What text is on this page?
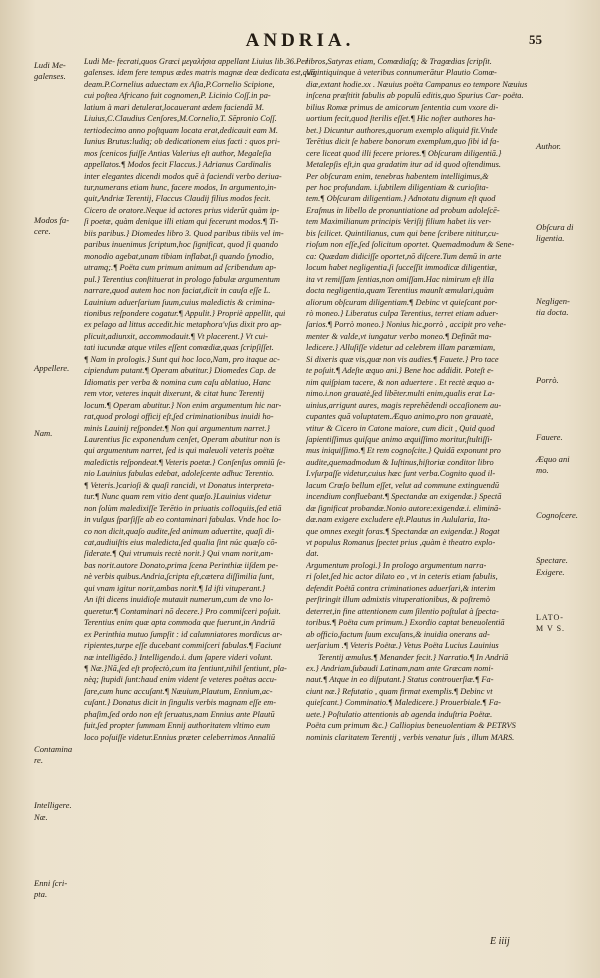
ANDRIA.	55

Ludi Me- fecrati,quos Græci μεγαλήσια appellant Liuius lib.36.Per

galenses. idem fere tempus ædes matris magnæ deæ dedicata est,quā

deam.P.Cornelius aduectam ex Aſia,P.Cornelio Scipione,

cui poſtea Africano fuit cognomen,P. Licinio Coſſ.in pa-

latium à mari detulerat,locauerant ædem faciendā M.

Liuius,C.Claudius Cenſores,M.Cornelio,T. Sēpronio Coſſ.

tertiodecimo anno poſtquam locata erat,dedicauit eam M.

Iunius Brutus:ludiq; ob dedicationem eius facti : quos pri-

mos ſcenicos fuiſſe Antias Valerius eſt author, Megaleſia

appellatos.¶ Modos fecit Flaccus.} Adrianus Cardinalis

inter elegantes dicendi modos quē à faciendi verbo deriua-

tur,numerans etiam hunc, facere modos, In argumento,in-

quit,Andriæ Terentij, Flaccus Claudij filius modos fecit.

Cicero de oratore.Neque id actores prius viderūt quàm ip-

ſi poetæ, quàm denique illi etiam qui fecerunt modos.¶ Ti-

biis paribus.} Diomedes libro 3. Quod paribus tibiis vel im-

paribus inuenimus ſcriptum,hoc ſignificat, quod ſi quando

monodio agebat,unam tibiam inflabat,ſi quando ſynodio,

utramq;.¶ Poëta cum primum animum ad ſcribendum ap-

pul.} Terentius conſtituerat in prologo fabulæ argumentum

narrare,quod autem hoc non faciat,dicit in cauſa eſſe L.

Lauinium aduerſarium ſuum,cuius maledictis & crimina-

tionibus reſpondere cogatur.¶ Appulit.} Propriè appellit, qui

ex pelago ad littus accedit.hic metaphora'vſus dixit pro ap-

plicuit,adiunxit, accommodauit.¶ Vt placerent.} Vt cui-

tati iucundæ atque vtiles eſſent comœdiæ,quas ſcripſiſſet.

¶ Nam in prologis.} Sunt qui hoc loco,Nam, pro itaque ac-

cipiendum putant.¶ Operam abutitur.} Diomedes Cap. de

Idiomatis per verba & nomina cum caſu ablatiuo, Hanc

rem vtor, veteres inquit dixerunt, & citat hunc Terentij

locum.¶ Operam abutitur.} Non enim argumentum hic nar-

rat,quod prologi officij eſt,ſed criminationibus inuidi ho-

minis Lauinij reſpondet.¶ Non qui argumentum narret.}

Laurentius ſic exponendum cenſet, Operam abutitur non is

qui argumentum narret, ſed is qui maleuoli veteris poëtæ

maledictis reſpondeat.¶ Veteris poetæ.} Conſenſus omniū ſe-

nio Lauinius fabulas edebat, adoleſcente adhuc Terentio.

¶ Veteris.}carioſi & quaſi rancidi, vt Donatus interpreta-

tur.¶ Nunc quam rem vitio dent quæſo.}Lauinius videtur

non ſolùm maledixiſſe Terētio in priuatis colloquiis,ſed etiā

in vulgus ſparſiſſe ab eo contaminari fabulas. Vnde hoc lo-

co non dicit,quaſo audite,ſed animum aduertite, quaſi di-

cat,audiuiſtis eius maledicta,ſed qualia ſint núc quæſo cō-

ſiderate.¶ Qui vtrumuis rectè norit.} Qui vnam norit,am-

bas norit.autore Donato,prima ſcena Perinthiæ iiſdem pe-

nè verbis quibus.Andria,ſcripta eſt,cætera diſſimilia ſunt,

qui vnam igitur norit,ambas norit.¶ Id iſti vituperant.}

An iſti dicens inuidioſe mutauit numerum,cum de vno lo-

queretur.¶ Contaminari nō decere.} Pro commiſceri poſuit.

Terentius enim quæ apta commoda que fuerunt,in Andriā

ex Perinthia mutuo ſumpſit : id calumniatores mordicus ar-

ripientes,turpe eſſe ducebant commiſceri fabulas.¶ Faciunt

næ intelligēdo.} Intelligendo.i. dum ſapere videri volunt.

¶ Næ.}Nā,ſed eſt profectò,cum ita ſentiunt,nihil ſentiunt, pla-

nèq; ſtupidi ſunt:haud enim vident ſe veteres poëtas accu-

ſare,cum hunc accuſant.¶ Næuium,Plautum, Ennium,ac-

cuſant.} Donatus dicit in ſingulis verbis magnam eſſe em-

phaſim,ſed ordo non eſt ſeruatus,nam Ennius ante Plautū

fuit,ſed propter ſummam Ennij authoritatem vltimo eum

loco poſuiſſe videtur.Ennius præter celeberrimos Annaliū

libros,Satyras etiam, Comœdiaſq; & Tragœdias ſcripſit.

Vigintiquinque à veteribus connumerātur Plautio Comœ-

diæ,extant hodie.xx . Næuius poëta Campanus eo tempore Næuius

inſcena præſtitit fabulis ab populū editis,quo Spurius Car- poëta.

bilius Romæ primus de amicorum ſententia cum vxore di-

uortium fecit,quod ſterilis eſſet.¶ Hic noſter authores ha-

bet.} Dicuntur authores,quorum exemplo aliquid fit.Vnde

Terētius dicit ſe habere bonorum exemplum,quo ſibi id fa-

cere liceat quod illi fecere priores.¶ Obſcuram diligentiā.}

Metalepſis eſt,in qua gradatim itur ad id quod oſtendimus.

Per obſcuram enim, tenebras habentem intelligimus,&

per hoc profundam. i.ſubtilem diligentiam & curioſita-

tem.¶ Obſcuram diligentiam.} Adnotatu dignum eſt quod

Eraſmus in libello de pronuntiatione ad probum adoleſcē-

tem Maximilianum principis Veriſij filium habet iis ver-

bis ſcilicet. Quintilianus, cum qui bene ſcribere nititur,cu-

rioſum non eſſe,ſed ſolicitum oportet. Quemadmodum & Sene-

ca: Quædam didiciſſe oportet,nō diſcere.Tum demū in arte

locum habet negligentia,ſi ſucceſſit immodicæ diligentiæ,

ita vt remiſſam ſentias,non omiſſam.Hac nimirum eſt illa

docta negligentia,quam Terentius maunlt æmulari,quàm

aliorum obſcuram diligentiam.¶ Debinc vt quieſcant por-

rò moneo.} Liberatus culpa Terentius, terret etiam aduer-

ſarios.¶ Porrò moneo.} Nonius hic,porrò , accipit pro vehe-

menter & valde,vt iungatur verbo moneo.¶ Defināt ma-

ledicere.} Alluſiſſe videtur ad celebrem illam paræmiam,

Si dixeris quæ vis,quæ non vis audies.¶ Fauete.} Pro tace

te poſuit.¶ Adeſte æquo ani.} Bene hoc addidit. Poteſt e-

nim quiſpiam tacere, & non aduertere . Et rectè æquo a-

nimo.i.non grauatè,ſed libēter.multi enim,qualis erat La-

uinius,arrigunt aures, magis reprehēdendi occaſionem au-

cupantes quā voluptatem.Æquo animo,pro non grauatè,

vtitur & Cicero in Catone maiore, cum dicit , Quid quod

ſapientiſſimus quiſque animo æquiſſimo moritur,ſtultiſſi-

mus iniquiſſimo.¶ Et rem cognoſcite.} Quidā exponunt pro

audite,quemadmodum & Iuſtinus,hiſtoriæ conditor libro

I.vſurpaſſe videtur,cuius hæc ſunt verba.Cognito quod il-

lacum Crœſo bellum eſſet, velut ad commune extinguendū

incendium confluebant.¶ Spectandæ an exigendæ.} Spectā

dæ ſignificat probandæ.Nonio autore:exigendæ.i. eliminā-

dæ.nam exigere excludere eſt.Plautus in Aulularia, Ita-

que omnes exegit foras.¶ Spectandæ an exigendæ.} Rogat

vt populus Romanus ſpectet prius ,quàm è theatro explo-

dat.

Argumentum prologi.} In prologo argumentum narra-

ri ſolet,ſed hic actor dilato eo , vt in ceteris etiam fabulis,

defendit Poëtā contra criminationes aduerſari,& interim

perſtringit illum admixtis vituperationibus, & poſtremò

deterret,in fine attentionem cum ſilentio poſtulat à ſpecta-

toribus.¶ Poëta cum primum.} Exordio captat beneuolentiā

ab officio,factum ſuum excuſans,& inuidia onerans ad-

uerſarium .¶ Veteris Poëtæ.} Vetus Poëta Lucius Lauinius

Terentij æmulus.¶ Menander fecit.} Narratio.¶ In Andriā

ex.} Andriam,ſubaudi Latinam,nam ante Græcam nomi-

naut.¶ Atque in eo diſputant.} Status controuerſiæ.¶ Fa-

ciunt næ.} Refutatio , quam firmat exemplis.¶ Debinc vt

quieſcant.} Comminatio.¶ Maledicere.} Prouerbiale.¶ Fa-

uete.} Poſtulatio attentionis ab agenda induſtria Poëtæ.

Poëta cum primum &c.} Calliopius beneuolentiam & PETRVS

nominis claritatem Terentij , verbis venatur ſuis , illum MARS.

Ludi Me-
galenses.
Modos fa-
cere.
Appellere.
Nam.
Contamina
re.
Intelligere.
Næ.
Enni ſcri-
pta.
Author.
Obſcura di
ligentia.
Negligen-
tia docta.
Porrò.
Fauere.
Æquo ani
mo.
Cognoſcere.
Spectare.
Exigere.
LATO-
M V S.
E iiij
